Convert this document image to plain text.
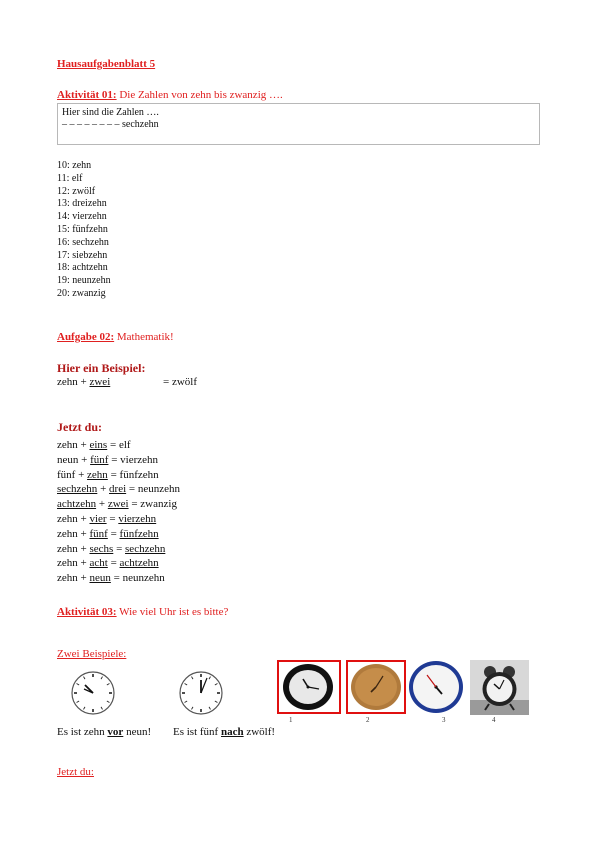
Hausaufgabenblatt 5
Aktivität 01: Die Zahlen von zehn bis zwanzig ….
Hier sind die Zahlen ….
– – – – – – – – sechzehn
10: zehn
11: elf
12: zwölf
13: dreizehn
14: vierzehn
15: fünfzehn
16: sechzehn
17: siebzehn
18: achtzehn
19: neunzehn
20: zwanzig
Aufgabe 02: Mathematik!
Hier ein Beispiel:
zehn + zwei	= zwölf
Jetzt du:
zehn + eins = elf
neun + fünf = vierzehn
fünf + zehn = fünfzehn
sechzehn + drei = neunzehn
achtzehn + zwei = zwanzig
zehn + vier = vierzehn
zehn + fünf = fünfzehn
zehn + sechs = sechzehn
zehn + acht = achtzehn
zehn + neun = neunzehn
Aktivität 03: Wie viel Uhr ist es bitte?
Zwei Beispiele:
1	2	3	4
Es ist zehn vor neun! Es ist fünf nach zwölf!
Jetzt du:
